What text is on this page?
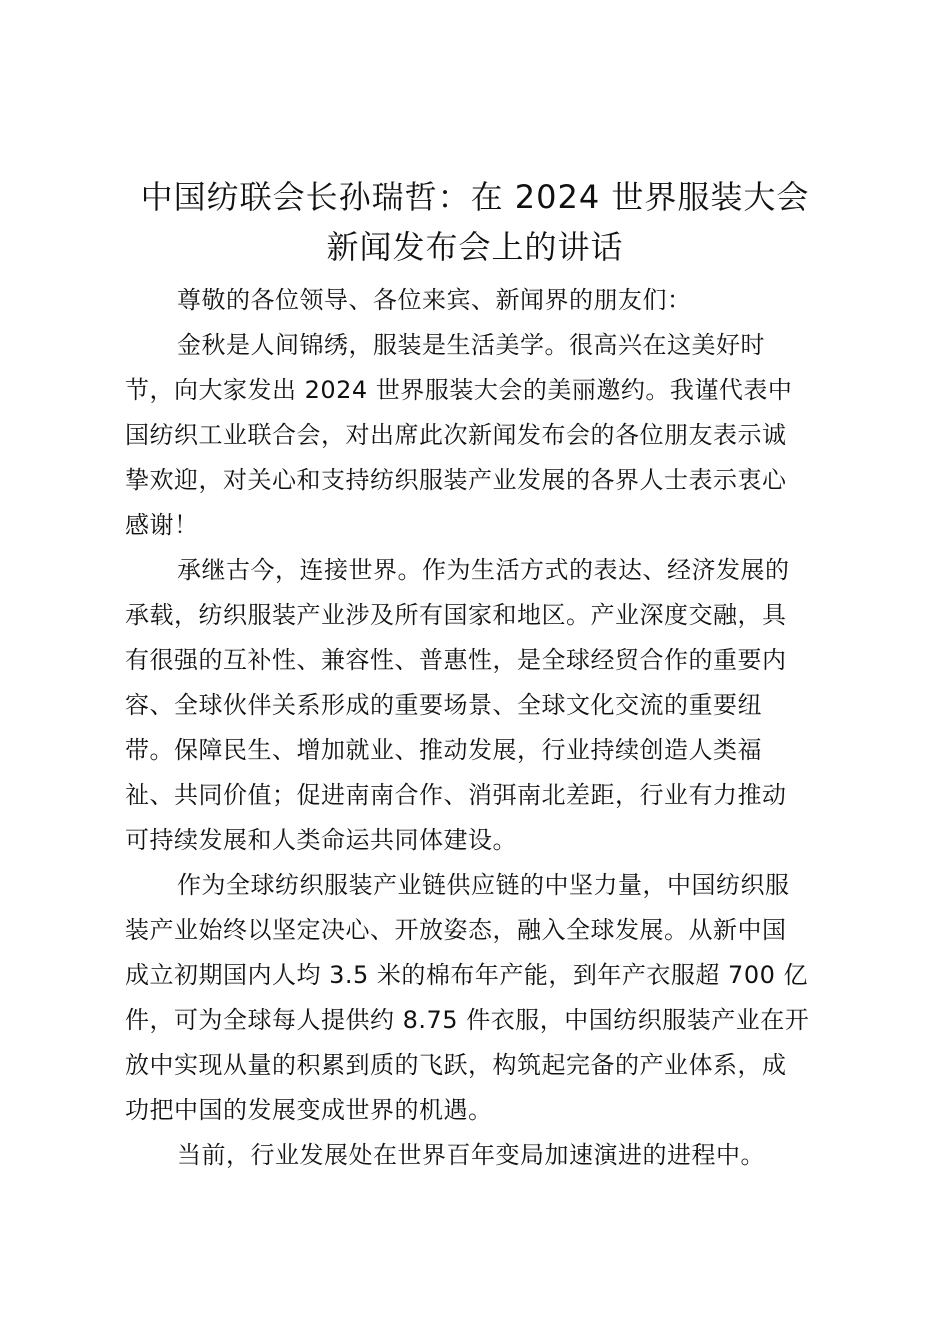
中国纺联会长孙瑞哲：在 2024 世界服装大会
新闻发布会上的讲话

尊敬的各位领导、各位来宾、新闻界的朋友们：

金秋是人间锦绣，服装是生活美学。很高兴在这美好时
节，向大家发出 2024 世界服装大会的美丽邀约。我谨代表中
国纺织工业联合会，对出席此次新闻发布会的各位朋友表示诚
挚欢迎，对关心和支持纺织服装产业发展的各界人士表示衷心
感谢！

承继古今，连接世界。作为生活方式的表达、经济发展的
承载，纺织服装产业涉及所有国家和地区。产业深度交融，具
有很强的互补性、兼容性、普惠性，是全球经贸合作的重要内
容、全球伙伴关系形成的重要场景、全球文化交流的重要纽
带。保障民生、增加就业、推动发展，行业持续创造人类福
祉、共同价值；促进南南合作、消弭南北差距，行业有力推动
可持续发展和人类命运共同体建设。

作为全球纺织服装产业链供应链的中坚力量，中国纺织服
装产业始终以坚定决心、开放姿态，融入全球发展。从新中国
成立初期国内人均 3.5 米的棉布年产能，到年产衣服超 700 亿
件，可为全球每人提供约 8.75 件衣服，中国纺织服装产业在开
放中实现从量的积累到质的飞跃，构筑起完备的产业体系，成
功把中国的发展变成世界的机遇。

当前，行业发展处在世界百年变局加速演进的进程中。
